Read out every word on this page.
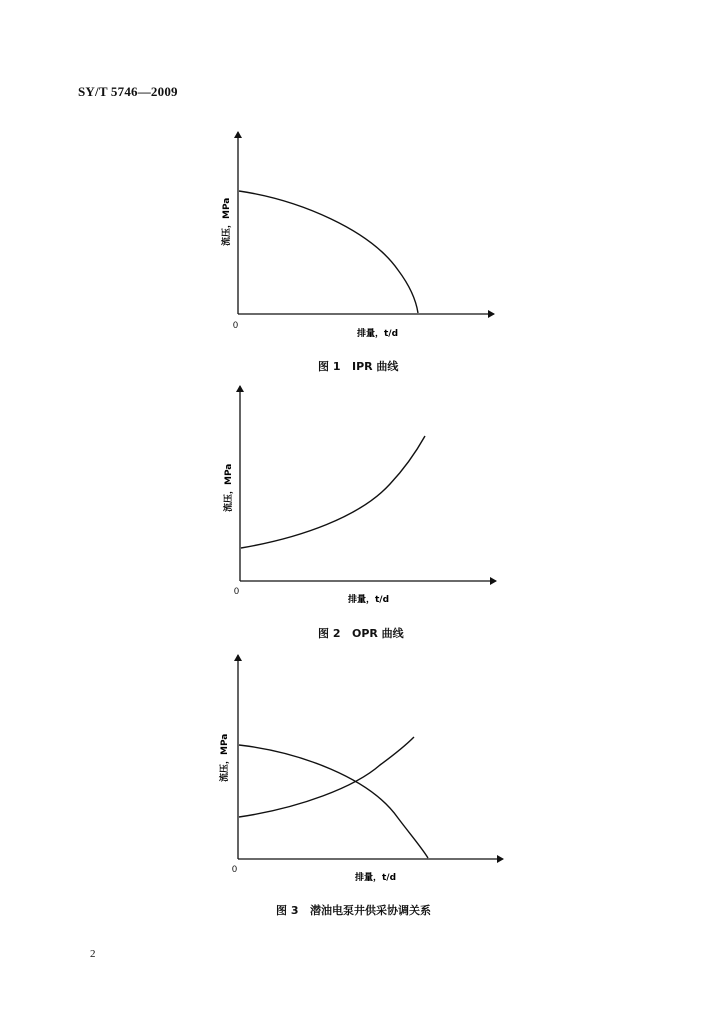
SY/T 5746—2009
0
排量，t/d
流压，MPa
0
排量，t/d
流压，MPa
0
排量，t/d
流压，MPa
图 1   IPR 曲线
图 2   OPR 曲线
图 3   潜油电泵井供采协调关系
2
